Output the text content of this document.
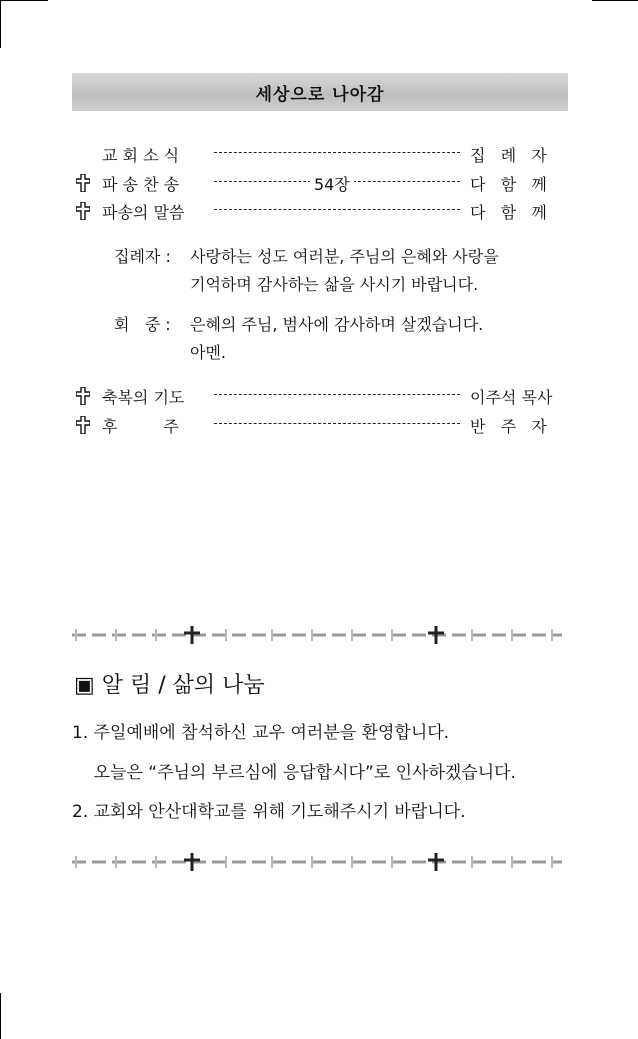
세상으로 나아감
교 회 소 식	집   례   자
파 송 찬 송	54장	다   함   께
파송의 말씀	다   함   께
집례자 : 사랑하는 성도 여러분, 주님의 은혜와 사랑을
기억하며 감사하는 삶을 사시기 바랍니다.
회   중 : 은혜의 주님, 범사에 감사하며 살겠습니다.
아멘.
축복의 기도	이주석 목사
후         주	반   주   자
▣ 알 림 / 삶의 나눔
1. 주일예배에 참석하신 교우 여러분을 환영합니다.
오늘은 “주님의 부르심에 응답합시다”로 인사하겠습니다.
2. 교회와 안산대학교를 위해 기도해주시기 바랍니다.
